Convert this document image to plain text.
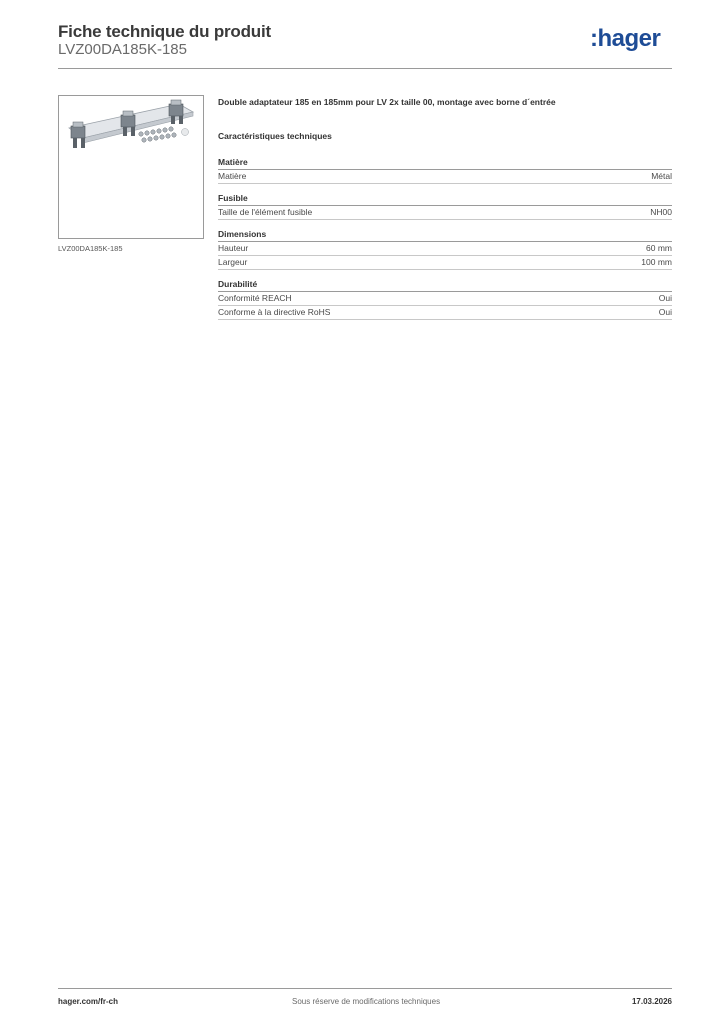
Fiche technique du produit
LVZ00DA185K-185	:hager
LVZ00DA185K-185
Double adaptateur 185 en 185mm pour LV 2x taille 00, montage avec borne d´entrée
Caractéristiques techniques
Matière
Matière	Métal
Fusible
Taille de l'élément fusible	NH00
Dimensions
Hauteur	60 mm
Largeur	100 mm
Durabilité
Conformité REACH	Oui
Conforme à la directive RoHS	Oui
hager.com/fr-ch	Sous réserve de modifications techniques	17.03.2026
